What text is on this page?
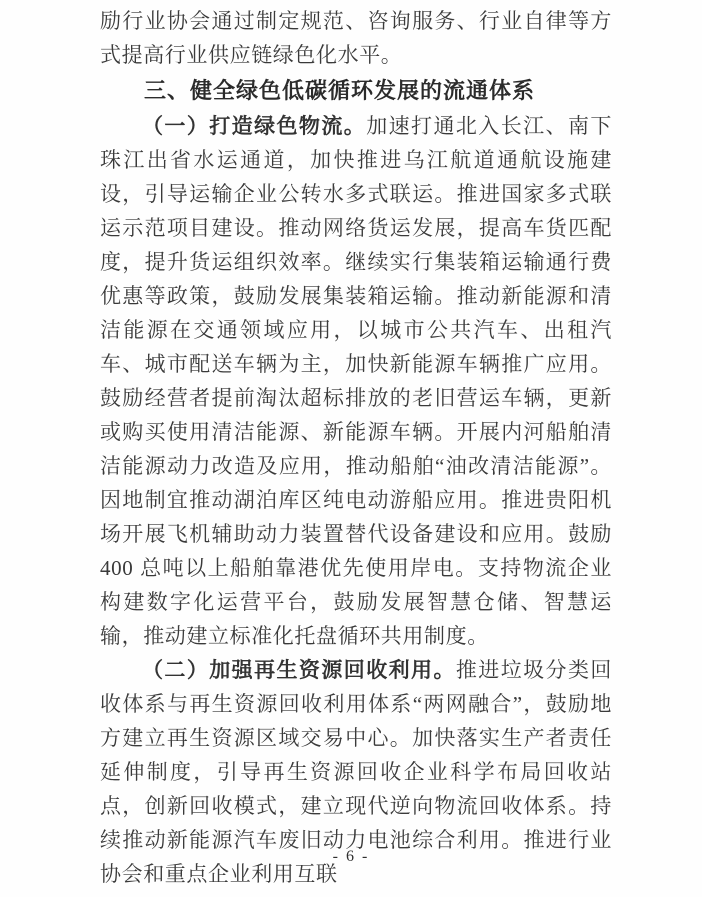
励行业协会通过制定规范、咨询服务、行业自律等方式提高行业供应链绿色化水平。

三、健全绿色低碳循环发展的流通体系

（一）打造绿色物流。加速打通北入长江、南下珠江出省水运通道，加快推进乌江航道通航设施建设，引导运输企业公转水多式联运。推进国家多式联运示范项目建设。推动网络货运发展，提高车货匹配度，提升货运组织效率。继续实行集装箱运输通行费优惠等政策，鼓励发展集装箱运输。推动新能源和清洁能源在交通领域应用，以城市公共汽车、出租汽车、城市配送车辆为主，加快新能源车辆推广应用。鼓励经营者提前淘汰超标排放的老旧营运车辆，更新或购买使用清洁能源、新能源车辆。开展内河船舶清洁能源动力改造及应用，推动船舶“油改清洁能源”。因地制宜推动湖泊库区纯电动游船应用。推进贵阳机场开展飞机辅助动力装置替代设备建设和应用。鼓励 400 总吨以上船舶靠港优先使用岸电。支持物流企业构建数字化运营平台，鼓励发展智慧仓储、智慧运输，推动建立标准化托盘循环共用制度。

（二）加强再生资源回收利用。推进垃圾分类回收体系与再生资源回收利用体系“两网融合”，鼓励地方建立再生资源区域交易中心。加快落实生产者责任延伸制度，引导再生资源回收企业科学布局回收站点，创新回收模式，建立现代逆向物流回收体系。持续推动新能源汽车废旧动力电池综合利用。推进行业协会和重点企业利用互联

- 6 -
